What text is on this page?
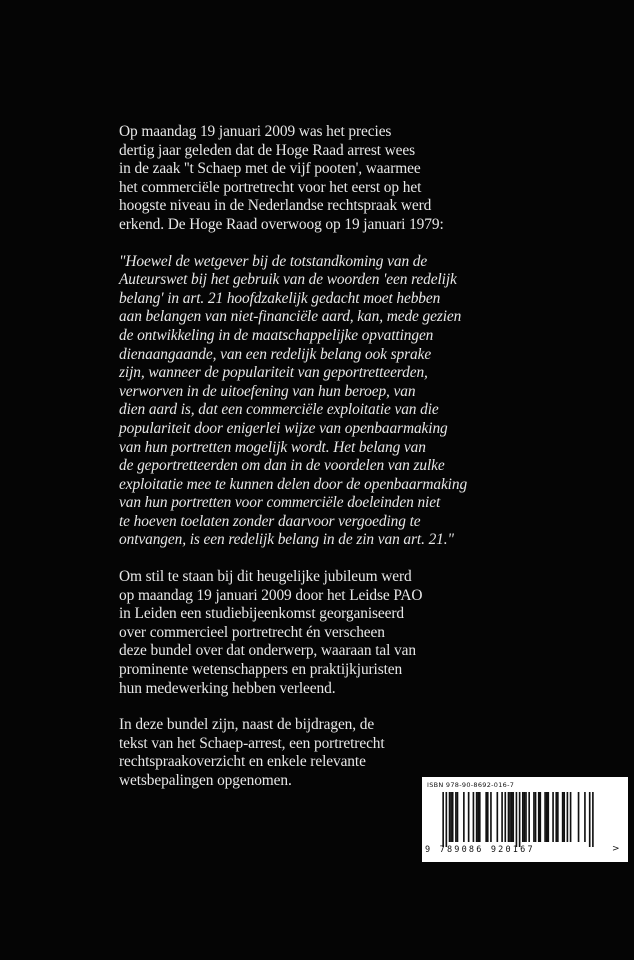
Op maandag 19 januari 2009 was het precies
dertig jaar geleden dat de Hoge Raad arrest wees
in de zaak ''t Schaep met de vijf pooten', waarmee
het commerciële portretrecht voor het eerst op het
hoogste niveau in de Nederlandse rechtspraak werd
erkend. De Hoge Raad overwoog op 19 januari 1979:
"Hoewel de wetgever bij de totstandkoming van de
Auteurswet bij het gebruik van de woorden 'een redelijk
belang' in art. 21 hoofdzakelijk gedacht moet hebben
aan belangen van niet-financiële aard, kan, mede gezien
de ontwikkeling in de maatschappelijke opvattingen
dienaangaande, van een redelijk belang ook sprake
zijn, wanneer de populariteit van geportretteerden,
verworven in de uitoefening van hun beroep, van
dien aard is, dat een commerciële exploitatie van die
populariteit door enigerlei wijze van openbaarmaking
van hun portretten mogelijk wordt. Het belang van
de geportretteerden om dan in de voordelen van zulke
exploitatie mee te kunnen delen door de openbaarmaking
van hun portretten voor commerciële doeleinden niet
te hoeven toelaten zonder daarvoor vergoeding te
ontvangen, is een redelijk belang in de zin van art. 21."
Om stil te staan bij dit heugelijke jubileum werd
op maandag 19 januari 2009 door het Leidse PAO
in Leiden een studiebijeenkomst georganiseerd
over commercieel portretrecht én verscheen
deze bundel over dat onderwerp, waaraan tal van
prominente wetenschappers en praktijkjuristen
hun medewerking hebben verleend.
In deze bundel zijn, naast de bijdragen, de
tekst van het Schaep-arrest, een portretrecht
rechtspraakoverzicht en enkele relevante
wetsbepalingen opgenomen.	ISBN 978-90-8692-016-7
9 789086 920167	>
